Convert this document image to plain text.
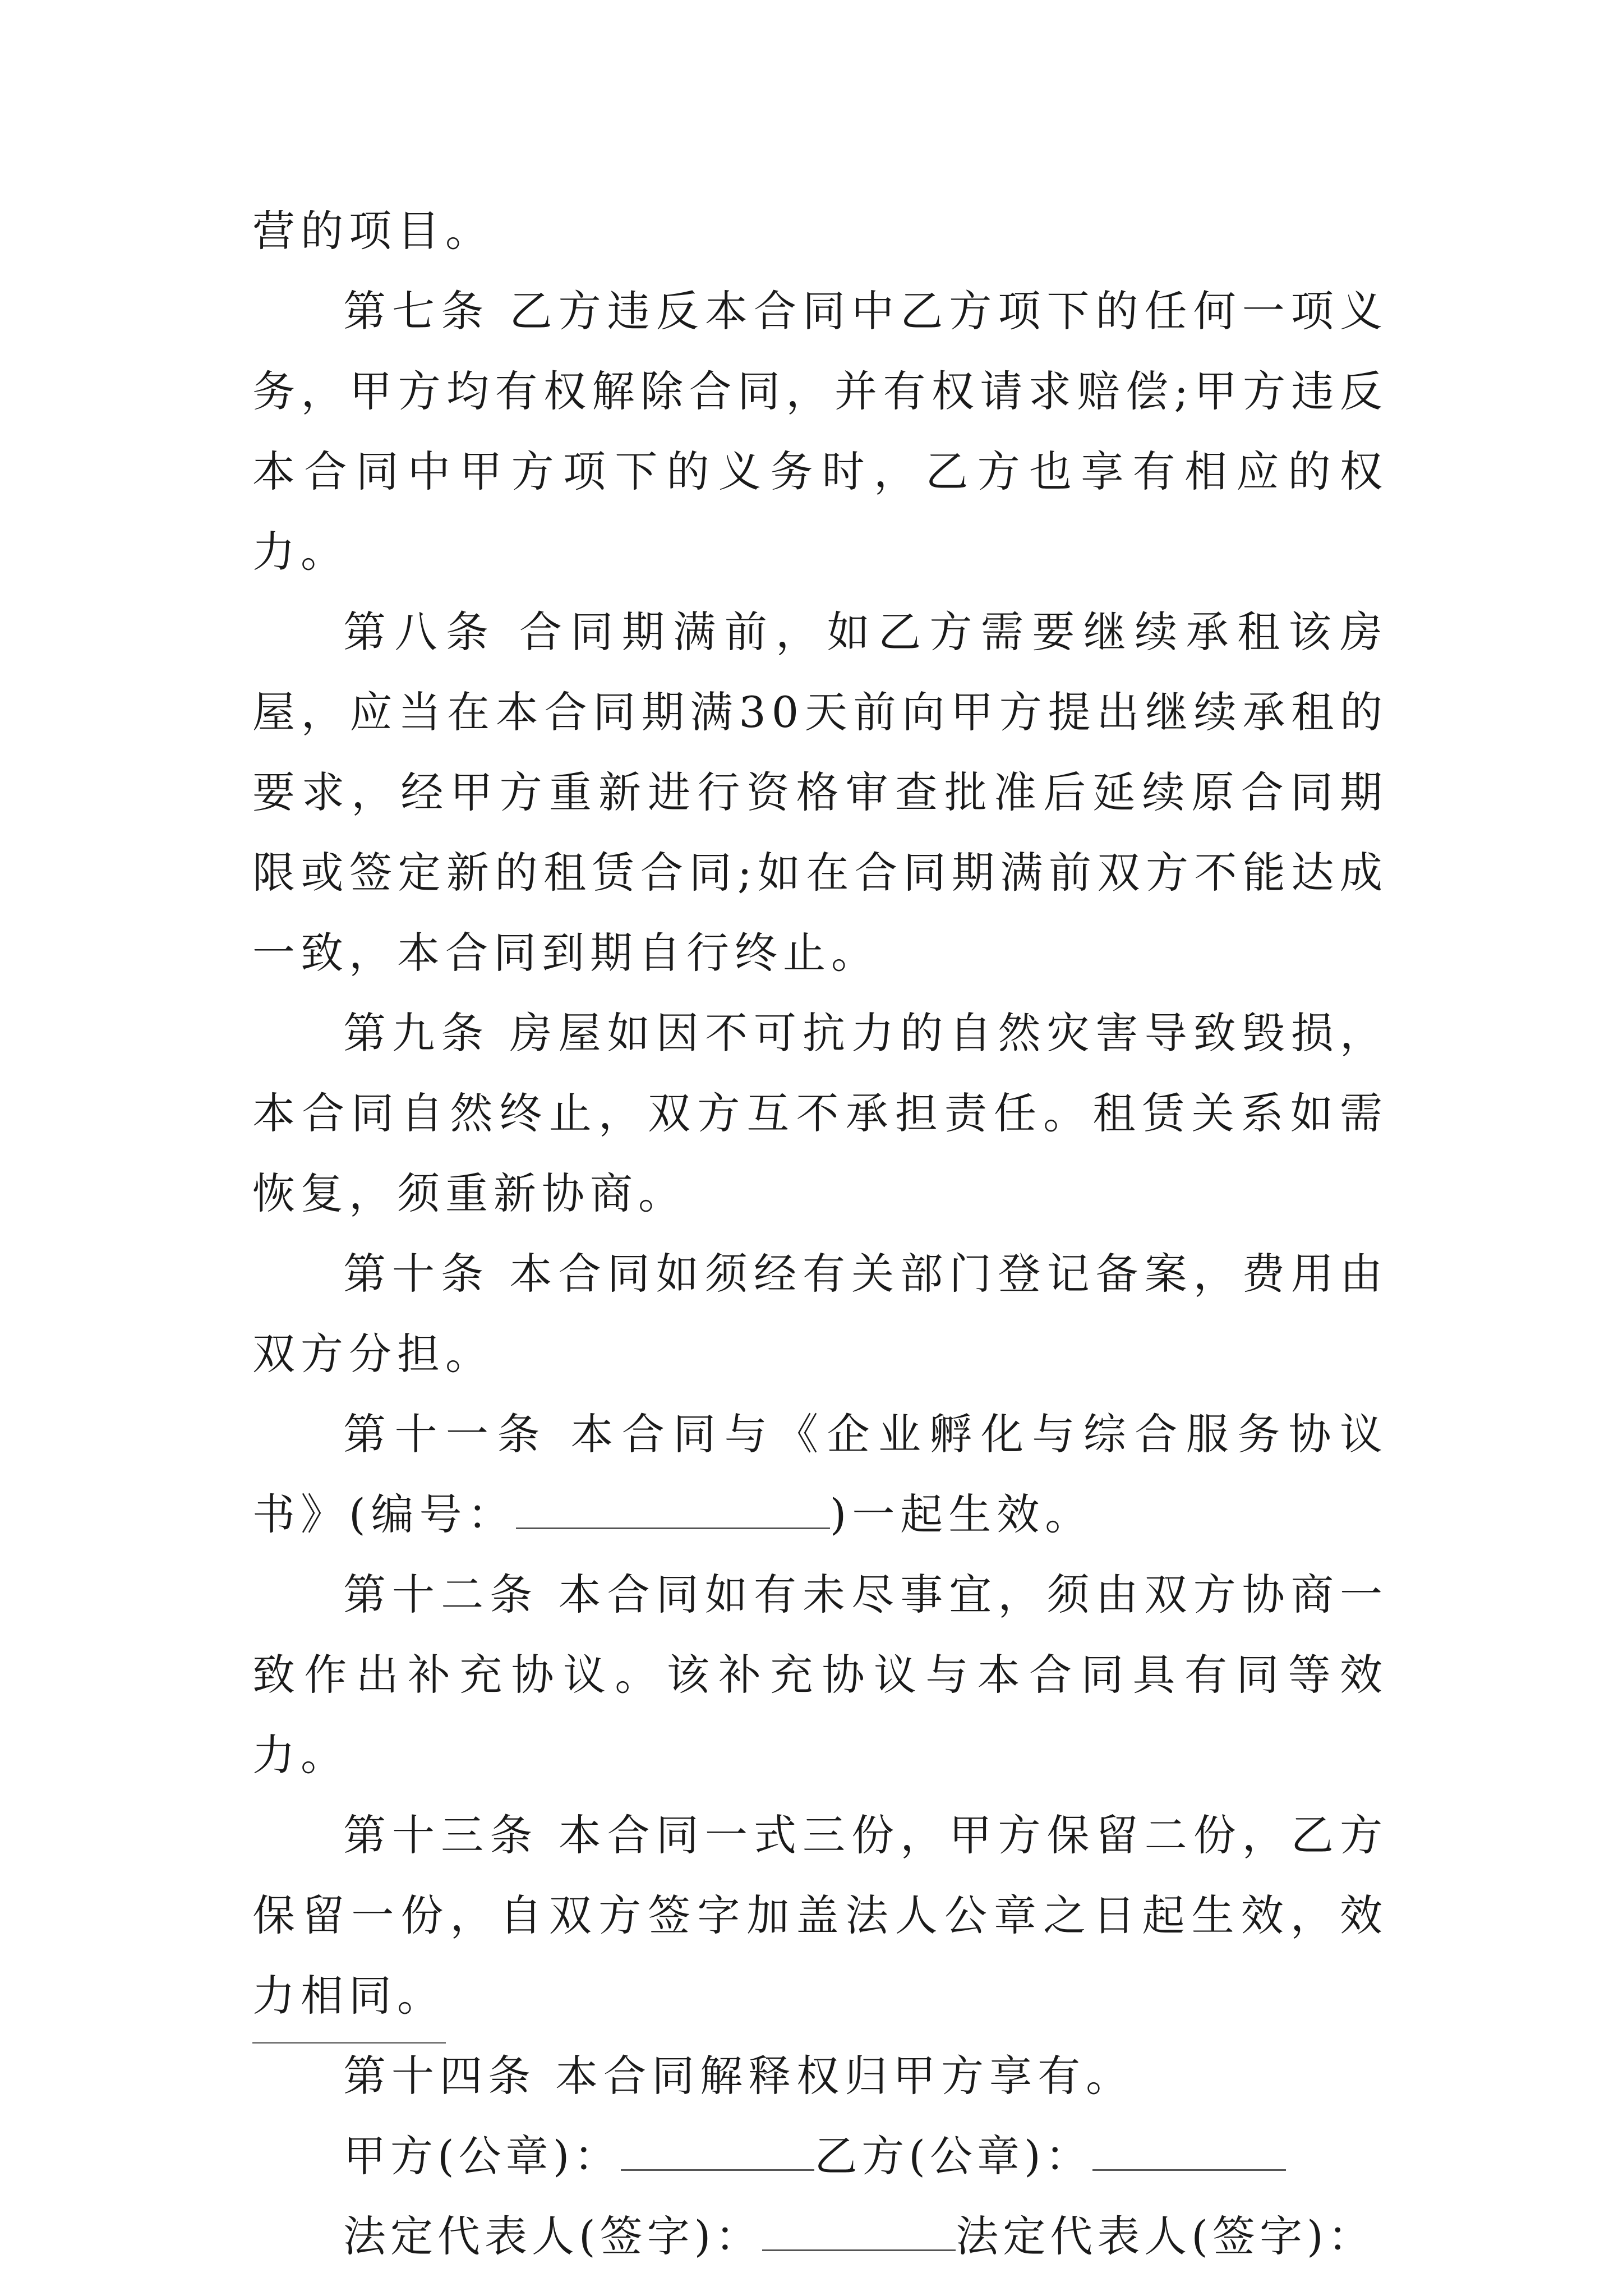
营的项目。

第七条 乙方违反本合同中乙方项下的任何一项义务，甲方均有权解除合同，并有权请求赔偿;甲方违反本合同中甲方项下的义务时，乙方也享有相应的权力。

第八条 合同期满前，如乙方需要继续承租该房屋，应当在本合同期满30天前向甲方提出继续承租的要求，经甲方重新进行资格审查批准后延续原合同期限或签定新的租赁合同;如在合同期满前双方不能达成一致，本合同到期自行终止。

第九条 房屋如因不可抗力的自然灾害导致毁损，本合同自然终止，双方互不承担责任。租赁关系如需恢复，须重新协商。

第十条 本合同如须经有关部门登记备案，费用由双方分担。

第十一条 本合同与《企业孵化与综合服务协议书》(编号：	)一起生效。

第十二条 本合同如有未尽事宜，须由双方协商一致作出补充协议。该补充协议与本合同具有同等效力。

第十三条 本合同一式三份，甲方保留二份，乙方保留一份，自双方签字加盖法人公章之日起生效，效力相同。

第十四条 本合同解释权归甲方享有。

甲方(公章)：	乙方(公章)：

法定代表人(签字)：	法定代表人(签字)：
